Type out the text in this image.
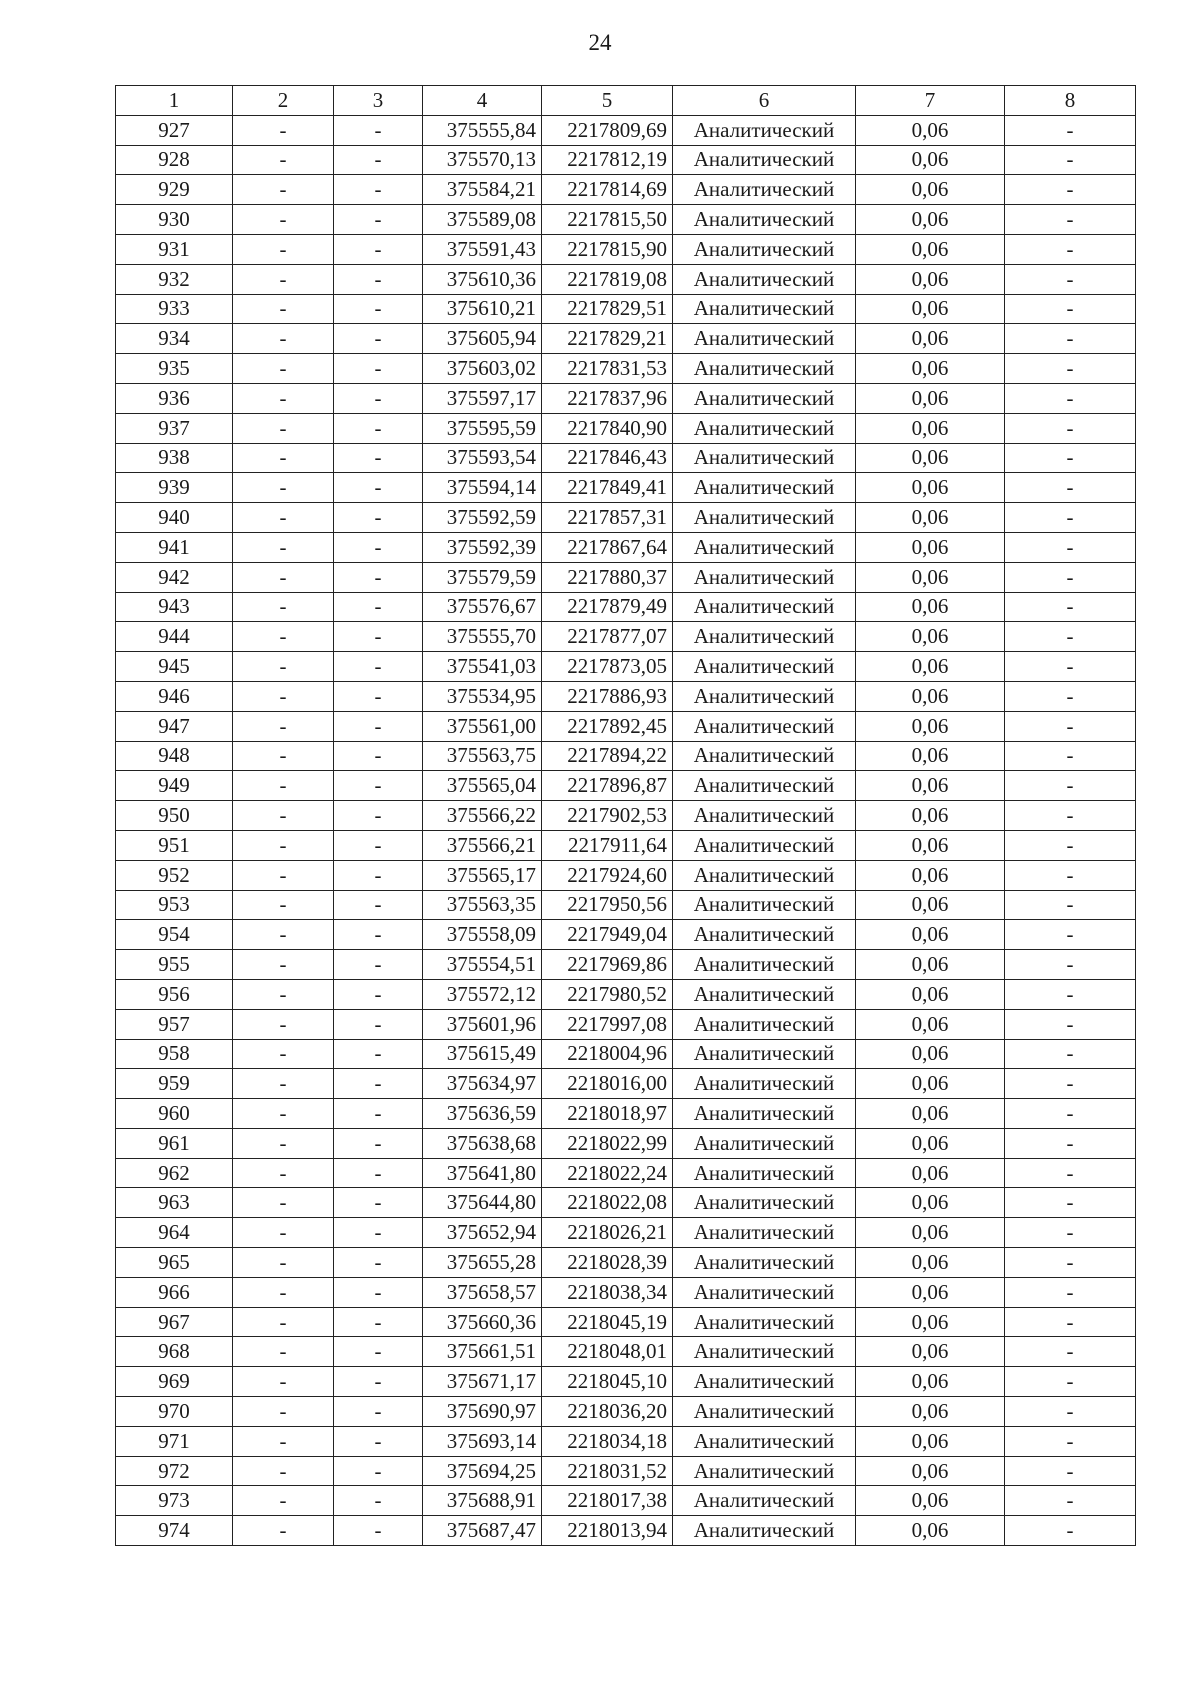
24
1	2	3	4	5	6	7	8
927	-	-	375555,84	2217809,69	Аналитический	0,06	-
928	-	-	375570,13	2217812,19	Аналитический	0,06	-
929	-	-	375584,21	2217814,69	Аналитический	0,06	-
930	-	-	375589,08	2217815,50	Аналитический	0,06	-
931	-	-	375591,43	2217815,90	Аналитический	0,06	-
932	-	-	375610,36	2217819,08	Аналитический	0,06	-
933	-	-	375610,21	2217829,51	Аналитический	0,06	-
934	-	-	375605,94	2217829,21	Аналитический	0,06	-
935	-	-	375603,02	2217831,53	Аналитический	0,06	-
936	-	-	375597,17	2217837,96	Аналитический	0,06	-
937	-	-	375595,59	2217840,90	Аналитический	0,06	-
938	-	-	375593,54	2217846,43	Аналитический	0,06	-
939	-	-	375594,14	2217849,41	Аналитический	0,06	-
940	-	-	375592,59	2217857,31	Аналитический	0,06	-
941	-	-	375592,39	2217867,64	Аналитический	0,06	-
942	-	-	375579,59	2217880,37	Аналитический	0,06	-
943	-	-	375576,67	2217879,49	Аналитический	0,06	-
944	-	-	375555,70	2217877,07	Аналитический	0,06	-
945	-	-	375541,03	2217873,05	Аналитический	0,06	-
946	-	-	375534,95	2217886,93	Аналитический	0,06	-
947	-	-	375561,00	2217892,45	Аналитический	0,06	-
948	-	-	375563,75	2217894,22	Аналитический	0,06	-
949	-	-	375565,04	2217896,87	Аналитический	0,06	-
950	-	-	375566,22	2217902,53	Аналитический	0,06	-
951	-	-	375566,21	2217911,64	Аналитический	0,06	-
952	-	-	375565,17	2217924,60	Аналитический	0,06	-
953	-	-	375563,35	2217950,56	Аналитический	0,06	-
954	-	-	375558,09	2217949,04	Аналитический	0,06	-
955	-	-	375554,51	2217969,86	Аналитический	0,06	-
956	-	-	375572,12	2217980,52	Аналитический	0,06	-
957	-	-	375601,96	2217997,08	Аналитический	0,06	-
958	-	-	375615,49	2218004,96	Аналитический	0,06	-
959	-	-	375634,97	2218016,00	Аналитический	0,06	-
960	-	-	375636,59	2218018,97	Аналитический	0,06	-
961	-	-	375638,68	2218022,99	Аналитический	0,06	-
962	-	-	375641,80	2218022,24	Аналитический	0,06	-
963	-	-	375644,80	2218022,08	Аналитический	0,06	-
964	-	-	375652,94	2218026,21	Аналитический	0,06	-
965	-	-	375655,28	2218028,39	Аналитический	0,06	-
966	-	-	375658,57	2218038,34	Аналитический	0,06	-
967	-	-	375660,36	2218045,19	Аналитический	0,06	-
968	-	-	375661,51	2218048,01	Аналитический	0,06	-
969	-	-	375671,17	2218045,10	Аналитический	0,06	-
970	-	-	375690,97	2218036,20	Аналитический	0,06	-
971	-	-	375693,14	2218034,18	Аналитический	0,06	-
972	-	-	375694,25	2218031,52	Аналитический	0,06	-
973	-	-	375688,91	2218017,38	Аналитический	0,06	-
974	-	-	375687,47	2218013,94	Аналитический	0,06	-
